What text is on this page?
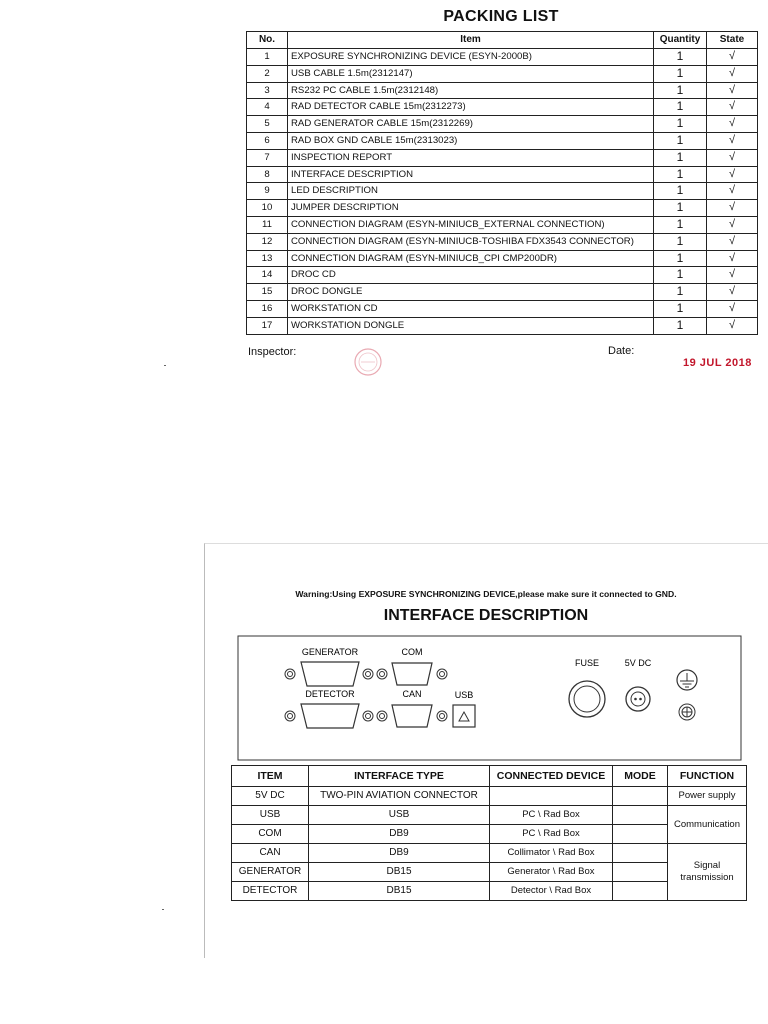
PACKING LIST
No.	Item	Quantity	State
1	EXPOSURE SYNCHRONIZING DEVICE (ESYN-2000B)	1	√
2	USB CABLE 1.5m(2312147)	1	√
3	RS232 PC CABLE 1.5m(2312148)	1	√
4	RAD DETECTOR CABLE 15m(2312273)	1	√
5	RAD GENERATOR CABLE 15m(2312269)	1	√
6	RAD BOX GND CABLE 15m(2313023)	1	√
7	INSPECTION REPORT	1	√
8	INTERFACE DESCRIPTION	1	√
9	LED DESCRIPTION	1	√
10	JUMPER DESCRIPTION	1	√
11	CONNECTION DIAGRAM (ESYN-MINIUCB_EXTERNAL CONNECTION)	1	√
12	CONNECTION DIAGRAM (ESYN-MINIUCB-TOSHIBA FDX3543 CONNECTOR)	1	√
13	CONNECTION DIAGRAM (ESYN-MINIUCB_CPI CMP200DR)	1	√
14	DROC CD	1	√
15	DROC DONGLE	1	√
16	WORKSTATION CD	1	√
17	WORKSTATION DONGLE	1	√
Inspector:	Date:
19 JUL 2018
Warning:Using EXPOSURE SYNCHRONIZING DEVICE,please make sure it connected to GND.
INTERFACE DESCRIPTION
GENERATOR	COM
DETECTOR	CAN	USB
FUSE	5V DC
ITEM	INTERFACE TYPE	CONNECTED DEVICE	MODE	FUNCTION
5V DC	TWO-PIN AVIATION CONNECTOR			Power supply
USB	USB	PC \ Rad Box		Communication
COM	DB9	PC \ Rad Box		
CAN	DB9	Collimator \ Rad Box		Signal transmission
GENERATOR	DB15	Generator \ Rad Box		
DETECTOR	DB15	Detector \ Rad Box		
